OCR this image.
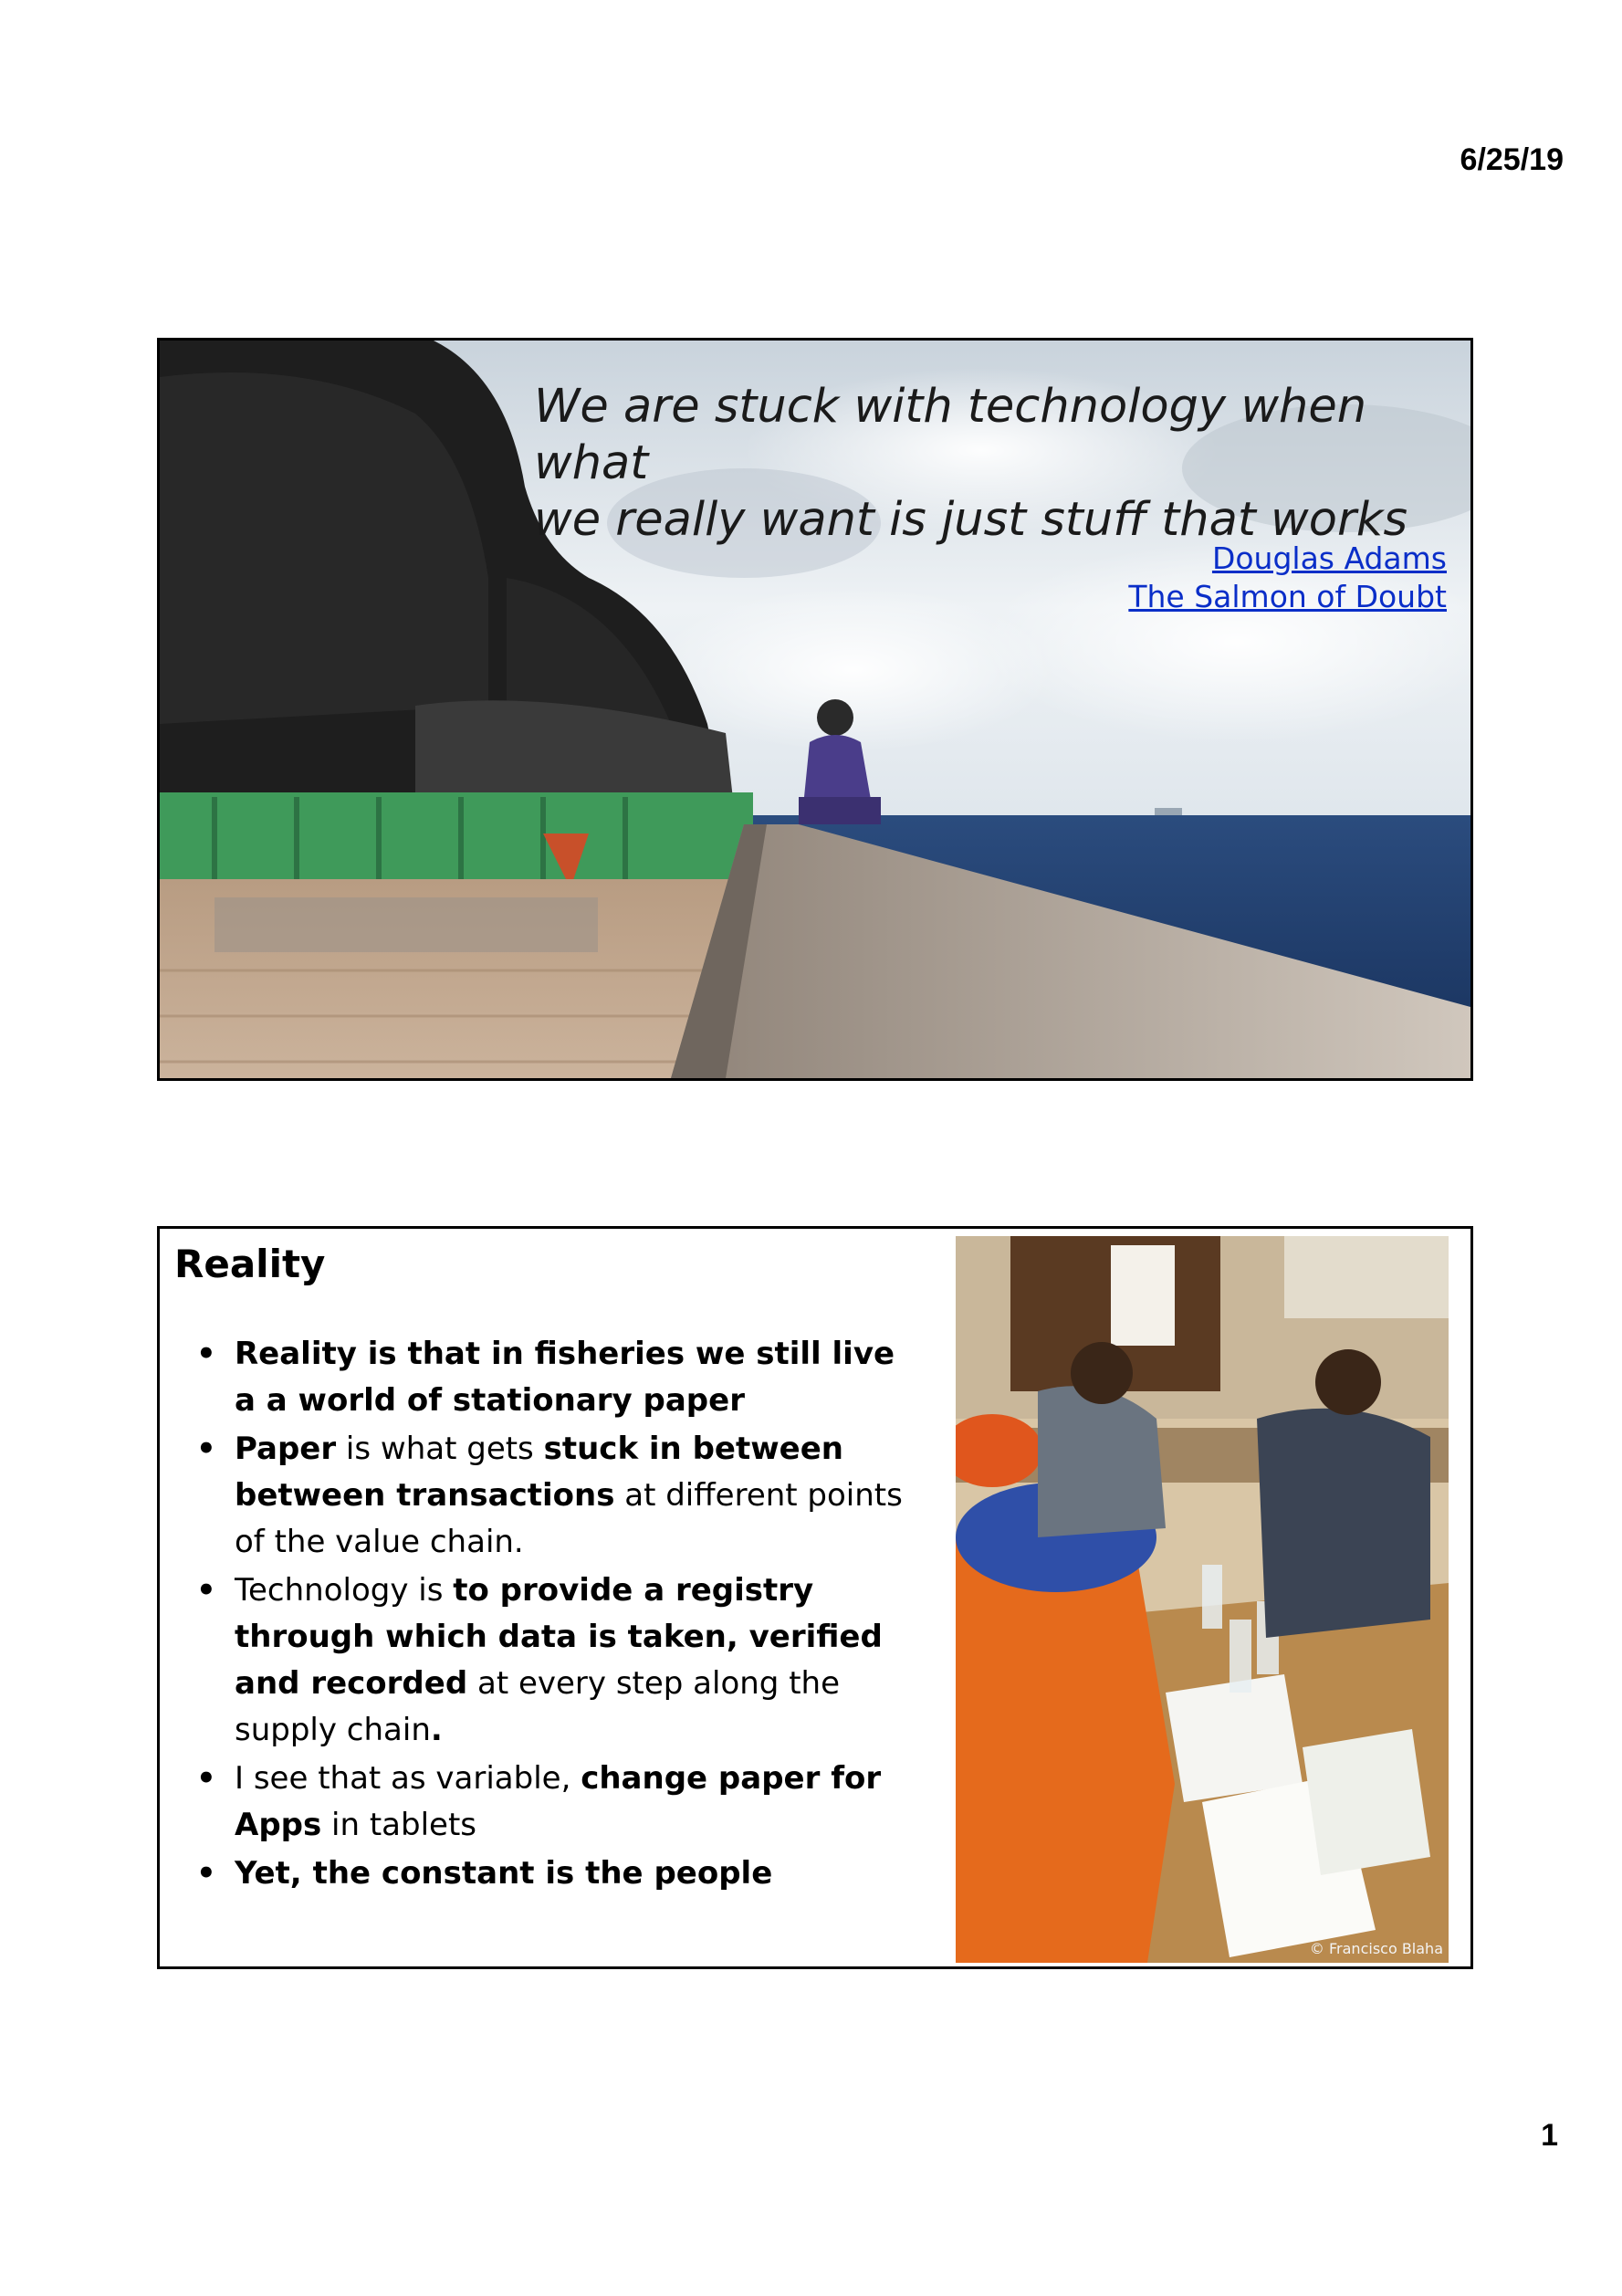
6/25/19
We are stuck with technology when what
we really want is just stuff that works
Douglas Adams
The Salmon of Doubt
Reality
• Reality is that in fisheries we still live a a world of stationary paper
• Paper is what gets stuck in between between transactions at different points of the value chain.
• Technology is to provide a registry through which data is taken, verified and recorded at every step along the supply chain.
• I see that as variable, change paper for Apps in tablets
• Yet, the constant is the people
© Francisco Blaha
1
